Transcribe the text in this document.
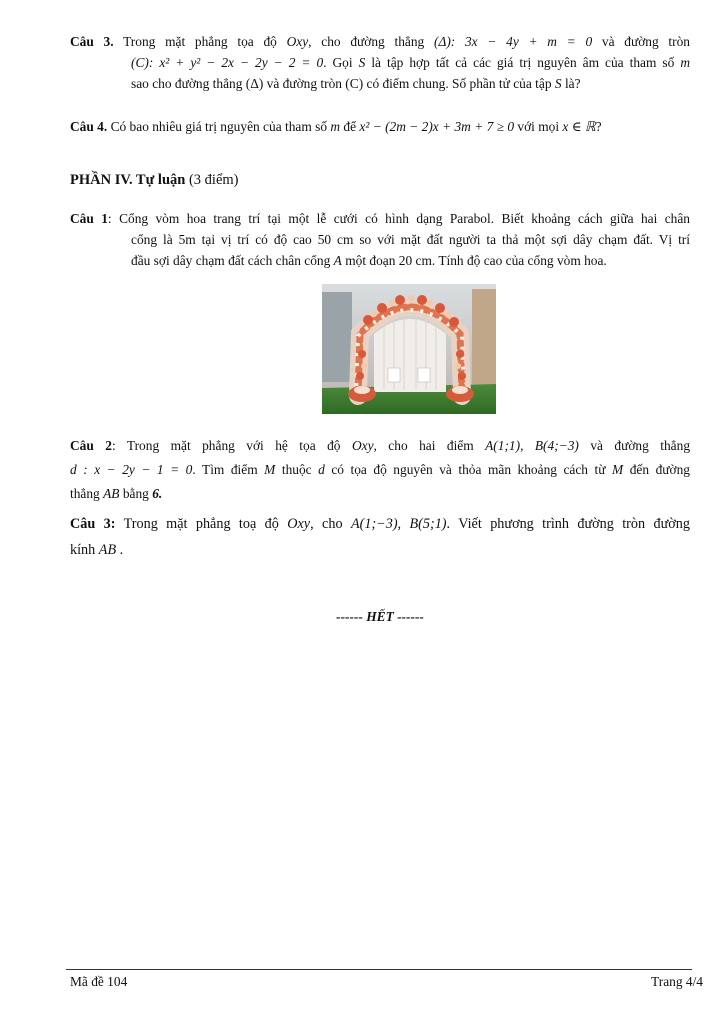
Câu 3. Trong mặt phẳng tọa độ Oxy, cho đường thẳng (Δ): 3x − 4y + m = 0 và đường tròn
(C): x² + y² − 2x − 2y − 2 = 0. Gọi S là tập hợp tất cả các giá trị nguyên âm của tham số m
sao cho đường thẳng (Δ) và đường tròn (C) có điểm chung. Số phần tử của tập S là?
Câu 4. Có bao nhiêu giá trị nguyên của tham số m để x² − (2m − 2)x + 3m + 7 ≥ 0 với mọi x ∈ ℝ?
PHẦN IV. Tự luận (3 điểm)
Câu 1: Cổng vòm hoa trang trí tại một lễ cưới có hình dạng Parabol. Biết khoảng cách giữa hai chân
cổng là 5m tại vị trí có độ cao 50 cm so với mặt đất người ta thả một sợi dây chạm đất. Vị trí
đầu sợi dây chạm đất cách chân cổng A một đoạn 20 cm. Tính độ cao của cổng vòm hoa.
Câu 2: Trong mặt phẳng với hệ tọa độ Oxy, cho hai điểm A(1;1), B(4;−3) và đường thẳng
d : x − 2y − 1 = 0. Tìm điểm M thuộc d có tọa độ nguyên và thỏa mãn khoảng cách từ M đến đường
thẳng AB bằng 6.
Câu 3: Trong mặt phẳng toạ độ Oxy, cho A(1;−3), B(5;1). Viết phương trình đường tròn đường
kính AB .
------ HẾT ------
Mã đề 104	Trang 4/4
